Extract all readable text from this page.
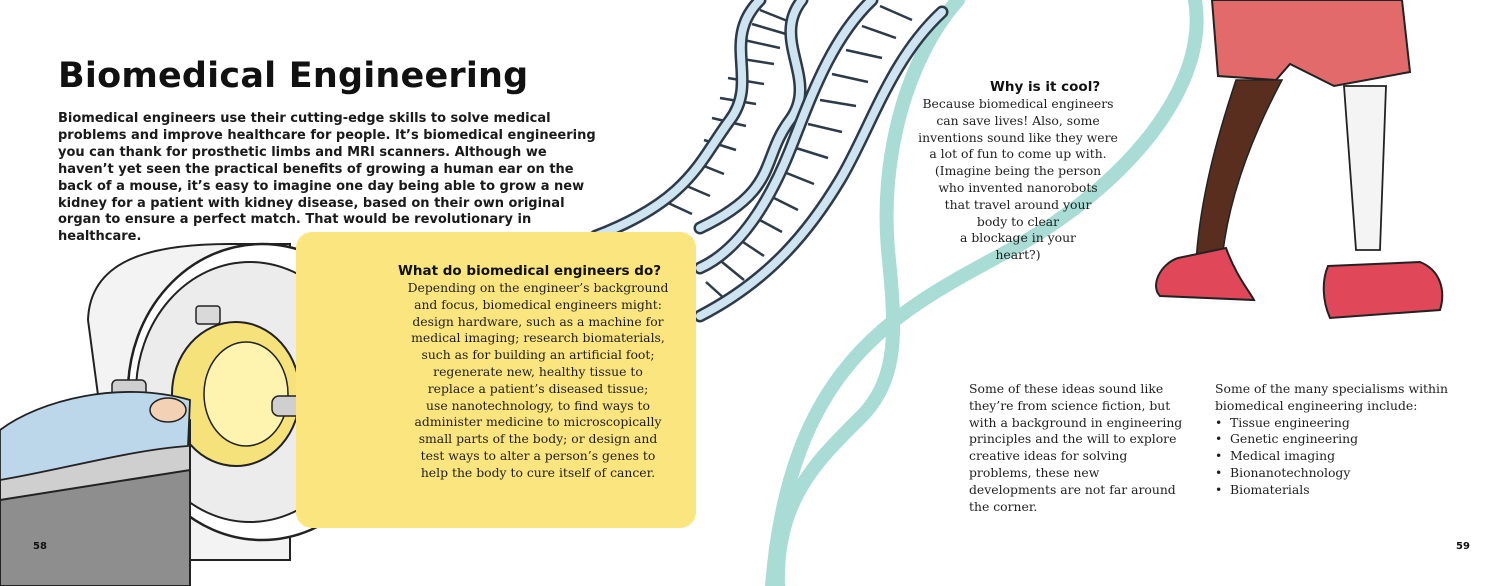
Biomedical Engineering

Biomedical engineers use their cutting-edge skills to solve medical problems and improve healthcare for people. It’s biomedical engineering you can thank for prosthetic limbs and MRI scanners. Although we haven’t yet seen the practical benefits of growing a human ear on the back of a mouse, it’s easy to imagine one day being able to grow a new kidney for a patient with kidney disease, based on their own original organ to ensure a perfect match. That would be revolutionary in healthcare.

What do biomedical engineers do?
Depending on the engineer’s background
and focus, biomedical engineers might:
design hardware, such as a machine for
medical imaging; research biomaterials,
such as for building an artificial foot;
regenerate new, healthy tissue to
replace a patient’s diseased tissue;
use nanotechnology, to find ways to
administer medicine to microscopically
small parts of the body; or design and
test ways to alter a person’s genes to
help the body to cure itself of cancer.
Why is it cool?
Because biomedical engineers
can save lives! Also, some
inventions sound like they were
a lot of fun to come up with.
(Imagine being the person
who invented nanorobots
that travel around your
body to clear
a blockage in your
heart?)

Some of these ideas sound like they’re from science fiction, but with a background in engineering principles and the will to explore creative ideas for solving problems, these new developments are not far around the corner.

Some of the many specialisms within biomedical engineering include:

• Tissue engineering
• Genetic engineering
• Medical imaging
• Bionanotechnology
• Biomaterials
58	59
